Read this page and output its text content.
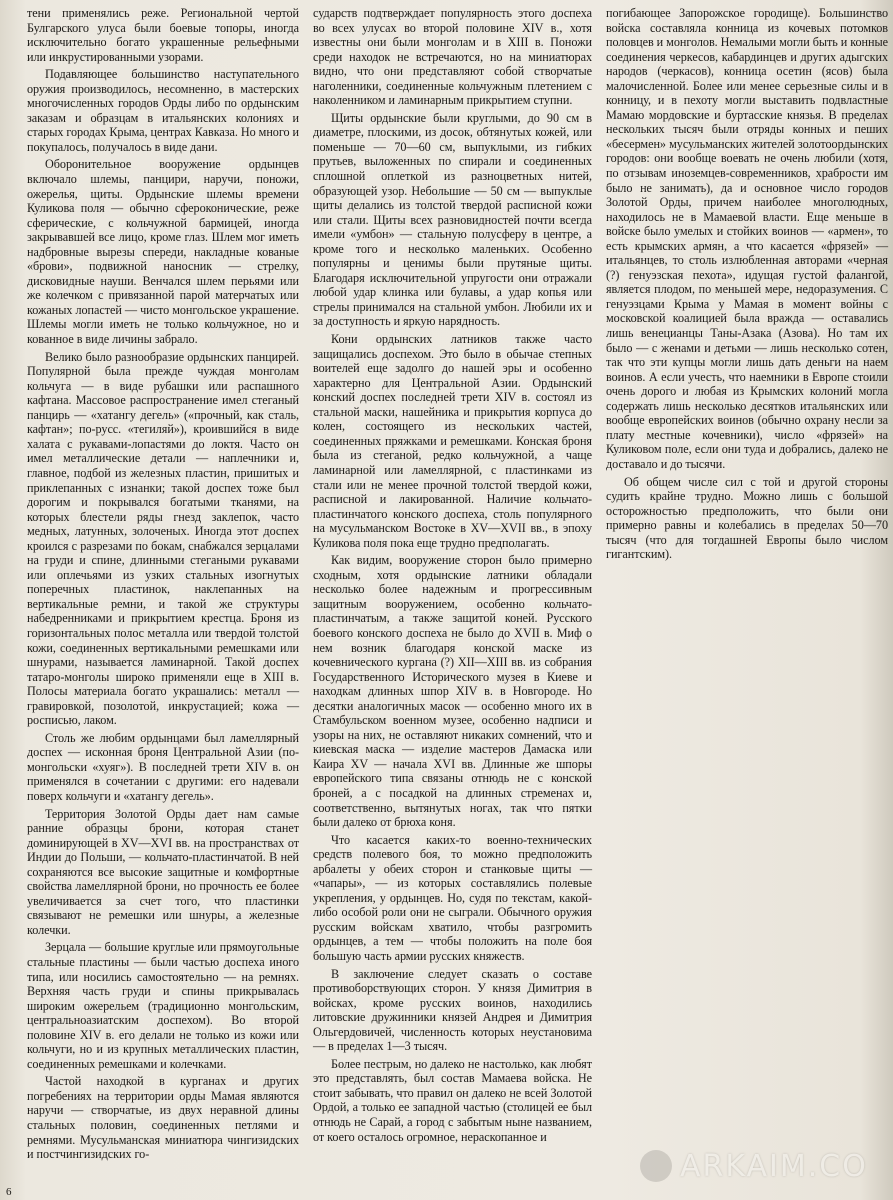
тени применялись реже. Региональной чертой Булгарского улуса были боевые топоры, иногда исключительно богато украшенные рельефными или инкрустированными узорами.

Подавляющее большинство наступательного оружия производилось, несомненно, в мастерских многочисленных городов Орды либо по ордынским заказам и образцам в итальянских колониях и старых городах Крыма, центрах Кавказа. Но много и покупалось, получалось в виде дани.

Оборонительное вооружение ордынцев включало шлемы, панцири, наручи, поножи, ожерелья, щиты. Ордынские шлемы времени Куликова поля — обычно сфероконические, реже сферические, с кольчужной бармицей, иногда закрывавшей все лицо, кроме глаз. Шлем мог иметь надбровные вырезы спереди, накладные кованые «брови», подвижной наносник — стрелку, дисковидные науши. Венчался шлем перьями или же колечком с привязанной парой матерчатых или кожаных лопастей — чисто монгольское украшение. Шлемы могли иметь не только кольчужное, но и кованное в виде личины забрало.

Велико было разнообразие ордынских панцирей. Популярной была прежде чуждая монголам кольчуга — в виде рубашки или распашного кафтана. Массовое распространение имел стеганый панцирь — «хатангу дегель» («прочный, как сталь, кафтан»; по-русс. «тегиляй»), кроившийся в виде халата с рукавами-лопастями до локтя. Часто он имел металлические детали — наплечники и, главное, подбой из железных пластин, пришитых и приклепанных с изнанки; такой доспех тоже был дорогим и покрывался богатыми тканями, на которых блестели ряды гнезд заклепок, часто медных, латунных, золоченых. Иногда этот доспех кроился с разрезами по бокам, снабжался зерцалами на груди и спине, длинными стегаными рукавами или оплечьями из узких стальных изогнутых поперечных пластинок, наклепанных на вертикальные ремни, и такой же структуры набедренниками и прикрытием крестца. Броня из горизонтальных полос металла или твердой толстой кожи, соединенных вертикальными ремешками или шнурами, называется ламинарной. Такой доспех татаро-монголы широко применяли еще в XIII в. Полосы материала богато украшались: металл — гравировкой, позолотой, инкрустацией; кожа — росписью, лаком.

Столь же любим ордынцами был ламеллярный доспех — исконная броня Центральной Азии (по-монгольски «хуяг»). В последней трети XIV в. он применялся в сочетании с другими: его надевали поверх кольчуги и «хатангу дегель».

Территория Золотой Орды дает нам самые ранние образцы брони, которая станет доминирующей в XV—XVI вв. на пространствах от Индии до Польши, — кольчато-пластинчатой. В ней сохраняются все высокие защитные и комфортные свойства ламеллярной брони, но прочность ее более увеличивается за счет того, что пластинки связывают не ремешки или шнуры, а железные колечки.

Зерцала — большие круглые или прямоугольные стальные пластины — были частью доспеха иного типа, или носились самостоятельно — на ремнях. Верхняя часть груди и спины прикрывалась широким ожерельем (традиционно монгольским, центральноазиатским доспехом). Во второй половине XIV в. его делали не только из кожи или кольчуги, но и из крупных металлических пластин, соединенных ремешками и колечками.

Частой находкой в курганах и других погребениях на территории орды Мамая являются наручи — створчатые, из двух неравной длины стальных половин, соединенных петлями и ремнями. Мусульманская миниатюра чингизидских и постчингизидских го-

сударств подтверждает популярность этого доспеха во всех улусах во второй половине XIV в., хотя известны они были монголам и в XIII в. Поножи среди находок не встречаются, но на миниатюрах видно, что они представляют собой створчатые наголенники, соединенные кольчужным плетением с наколенником и ламинарным прикрытием ступни.

Щиты ордынские были круглыми, до 90 см в диаметре, плоскими, из досок, обтянутых кожей, или поменьше — 70—60 см, выпуклыми, из гибких прутьев, выложенных по спирали и соединенных сплошной оплеткой из разноцветных нитей, образующей узор. Небольшие — 50 см — выпуклые щиты делались из толстой твердой расписной кожи или стали. Щиты всех разновидностей почти всегда имели «умбон» — стальную полусферу в центре, а кроме того и несколько маленьких. Особенно популярны и ценимы были прутяные щиты. Благодаря исключительной упругости они отражали любой удар клинка или булавы, а удар копья или стрелы принимался на стальной умбон. Любили их и за доступность и яркую нарядность.

Кони ордынских латников также часто защищались доспехом. Это было в обычае степных воителей еще задолго до нашей эры и особенно характерно для Центральной Азии. Ордынский конский доспех последней трети XIV в. состоял из стальной маски, нашейника и прикрытия корпуса до колен, состоящего из нескольких частей, соединенных пряжками и ремешками. Конская броня была из стеганой, редко кольчужной, а чаще ламинарной или ламеллярной, с пластинками из стали или не менее прочной толстой твердой кожи, расписной и лакированной. Наличие кольчато-пластинчатого конского доспеха, столь популярного на мусульманском Востоке в XV—XVII вв., в эпоху Куликова поля пока еще трудно предполагать.

Как видим, вооружение сторон было примерно сходным, хотя ордынские латники обладали несколько более надежным и прогрессивным защитным вооружением, особенно кольчато-пластинчатым, а также защитой коней. Русского боевого конского доспеха не было до XVII в. Миф о нем возник благодаря конской маске из кочевнического кургана (?) XII—XIII вв. из собрания Государственного Исторического музея в Киеве и находкам длинных шпор XIV в. в Новгороде. Но десятки аналогичных масок — особенно много их в Стамбульском военном музее, особенно надписи и узоры на них, не оставляют никаких сомнений, что и киевская маска — изделие мастеров Дамаска или Каира XV — начала XVI вв. Длинные же шпоры европейского типа связаны отнюдь не с конской броней, а с посадкой на длинных стременах и, соответственно, вытянутых ногах, так что пятки были далеко от брюха коня.

Что касается каких-то военно-технических средств полевого боя, то можно предположить арбалеты у обеих сторон и станковые щиты — «чапары», — из которых составлялись полевые укрепления, у ордынцев. Но, судя по текстам, какой-либо особой роли они не сыграли. Обычного оружия русским войскам хватило, чтобы разгромить ордынцев, а тем — чтобы положить на поле боя большую часть армии русских княжеств.

В заключение следует сказать о составе противоборствующих сторон. У князя Димитрия в войсках, кроме русских воинов, находились литовские дружинники князей Андрея и Димитрия Ольгердовичей, численность которых неустановима — в пределах 1—3 тысяч.

Более пестрым, но далеко не настолько, как любят это представлять, был состав Мамаева войска. Не стоит забывать, что правил он далеко не всей Золотой Ордой, а только ее западной частью (столицей ее был отнюдь не Сарай, а город с забытым ныне названием, от коего осталось огромное, нераскопанное и

погибающее Запорожское городище). Большинство войска составляла конница из кочевых потомков половцев и монголов. Немалыми могли быть и конные соединения черкесов, кабардинцев и других адыгских народов (черкасов), конница осетин (ясов) была малочисленной. Более или менее серьезные силы и в конницу, и в пехоту могли выставить подвластные Мамаю мордовские и буртасские князья. В пределах нескольких тысяч были отряды конных и пеших «бесермен» мусульманских жителей золотоордынских городов: они вообще воевать не очень любили (хотя, по отзывам иноземцев-современников, храбрости им было не занимать), да и основное число городов Золотой Орды, причем наиболее многолюдных, находилось не в Мамаевой власти. Еще меньше в войске было умелых и стойких воинов — «армен», то есть крымских армян, а что касается «фрязей» — итальянцев, то столь излюбленная авторами «черная (?) генуэзская пехота», идущая густой фалангой, является плодом, по меньшей мере, недоразумения. С генуэзцами Крыма у Мамая в момент войны с московской коалицией была вражда — оставались лишь венецианцы Таны-Азака (Азова). Но там их было — с женами и детьми — лишь несколько сотен, так что эти купцы могли лишь дать деньги на наем воинов. А если учесть, что наемники в Европе стоили очень дорого и любая из Крымских колоний могла содержать лишь несколько десятков итальянских или вообще европейских воинов (обычно охрану несли за плату местные кочевники), число «фрязей» на Куликовом поле, если они туда и добрались, далеко не доставало и до тысячи.

Об общем числе сил с той и другой стороны судить крайне трудно. Можно лишь с большой осторожностью предположить, что были они примерно равны и колебались в пределах 50—70 тысяч (что для тогдашней Европы было числом гигантским).

6
ARKAIM.CO
